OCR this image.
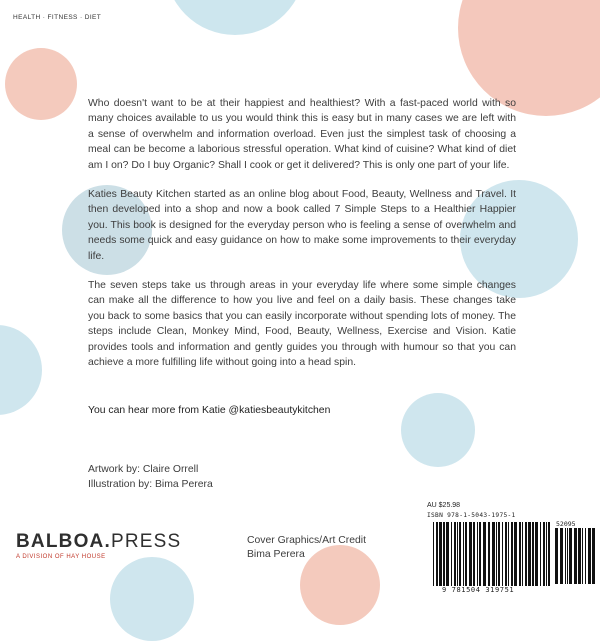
HEALTH · FITNESS · DIET

Who doesn't want to be at their happiest and healthiest? With a fast-paced world with so many choices available to us you would think this is easy but in many cases we are left with a sense of overwhelm and information overload. Even just the simplest task of choosing a meal can be become a laborious stressful operation. What kind of cuisine? What kind of diet am I on? Do I buy Organic? Shall I cook or get it delivered? This is only one part of your life.

Katies Beauty Kitchen started as an online blog about Food, Beauty, Wellness and Travel. It then developed into a shop and now a book called 7 Simple Steps to a Healthier Happier you. This book is designed for the everyday person who is feeling a sense of overwhelm and needs some quick and easy guidance on how to make some improvements to their everyday life.

The seven steps take us through areas in your everyday life where some simple changes can make all the difference to how you live and feel on a daily basis. These changes take you back to some basics that you can easily incorporate without spending lots of money. The steps include Clean, Monkey Mind, Food, Beauty, Wellness, Exercise and Vision. Katie provides tools and information and gently guides you through with humour so that you can achieve a more fulfilling life without going into a head spin.

You can hear more from Katie @katiesbeautykitchen
Artwork by: Claire Orrell
Illustration by: Bima Perera
BALBOA.PRESS
A DIVISION OF HAY HOUSE
Cover Graphics/Art Credit
Bima Perera
AU $25.98
ISBN 978-1-5043-1975-1
52095
9 781504 319751
